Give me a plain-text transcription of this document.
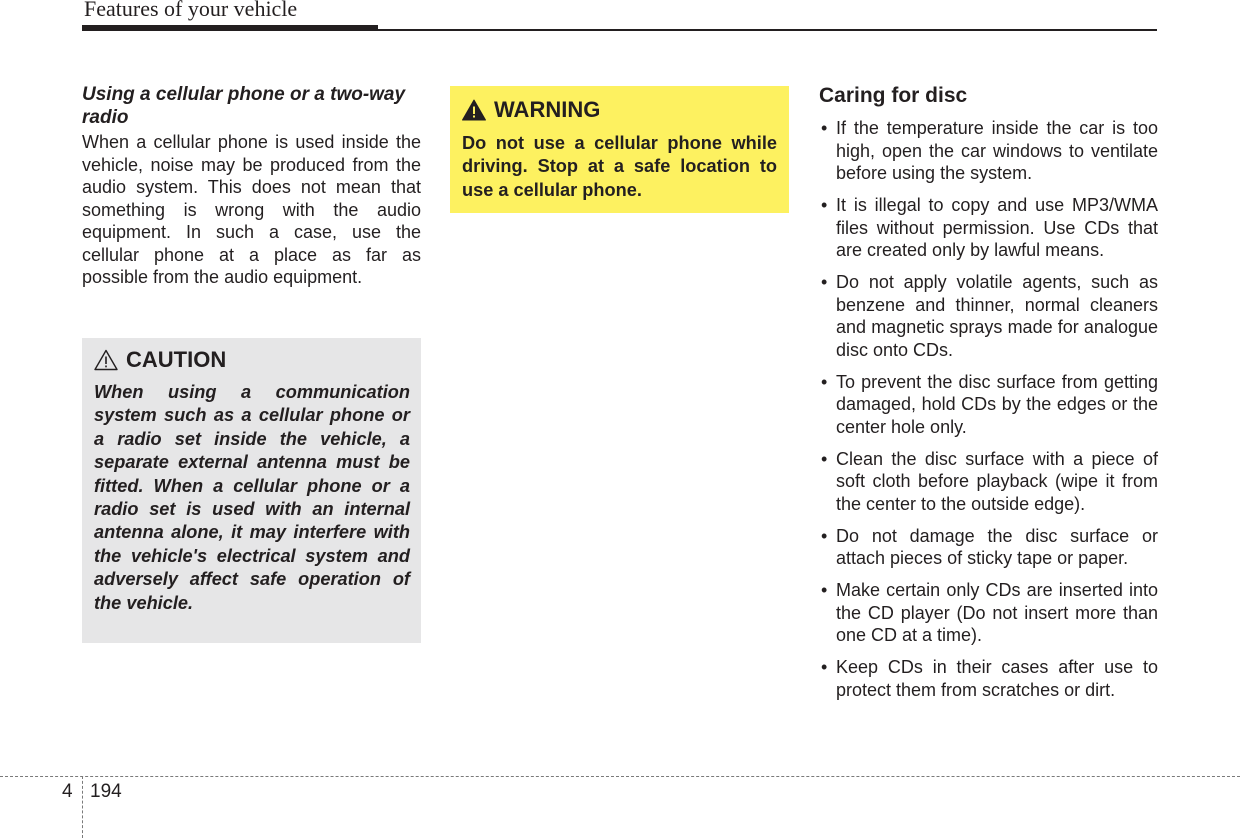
Features of your vehicle
Using a cellular phone or a two-way radio
When a cellular phone is used inside the vehicle, noise may be produced from the audio system. This does not mean that something is wrong with the audio equipment. In such a case, use the cellular phone at a place as far as possible from the audio equipment.
CAUTION
When using a communication system such as a cellular phone or a radio set inside the vehicle, a separate external antenna must be fitted. When a cellular phone or a radio set is used with an internal antenna alone, it may interfere with the vehicle's electrical system and adversely affect safe operation of the vehicle.
WARNING
Do not use a cellular phone while driving. Stop at a safe location to use a cellular phone.
Caring for disc
• If the temperature inside the car is too high, open the car windows to ventilate before using the system.
• It is illegal to copy and use MP3/WMA files without permission. Use CDs that are created only by lawful means.
• Do not apply volatile agents, such as benzene and thinner, normal cleaners and magnetic sprays made for analogue disc onto CDs.
• To prevent the disc surface from getting damaged, hold CDs by the edges or the center hole only.
• Clean the disc surface with a piece of soft cloth before playback (wipe it from the center to the outside edge).
• Do not damage the disc surface or attach pieces of sticky tape or paper.
• Make certain only CDs are inserted into the CD player (Do not insert more than one CD at a time).
• Keep CDs in their cases after use to protect them from scratches or dirt.
4 194
